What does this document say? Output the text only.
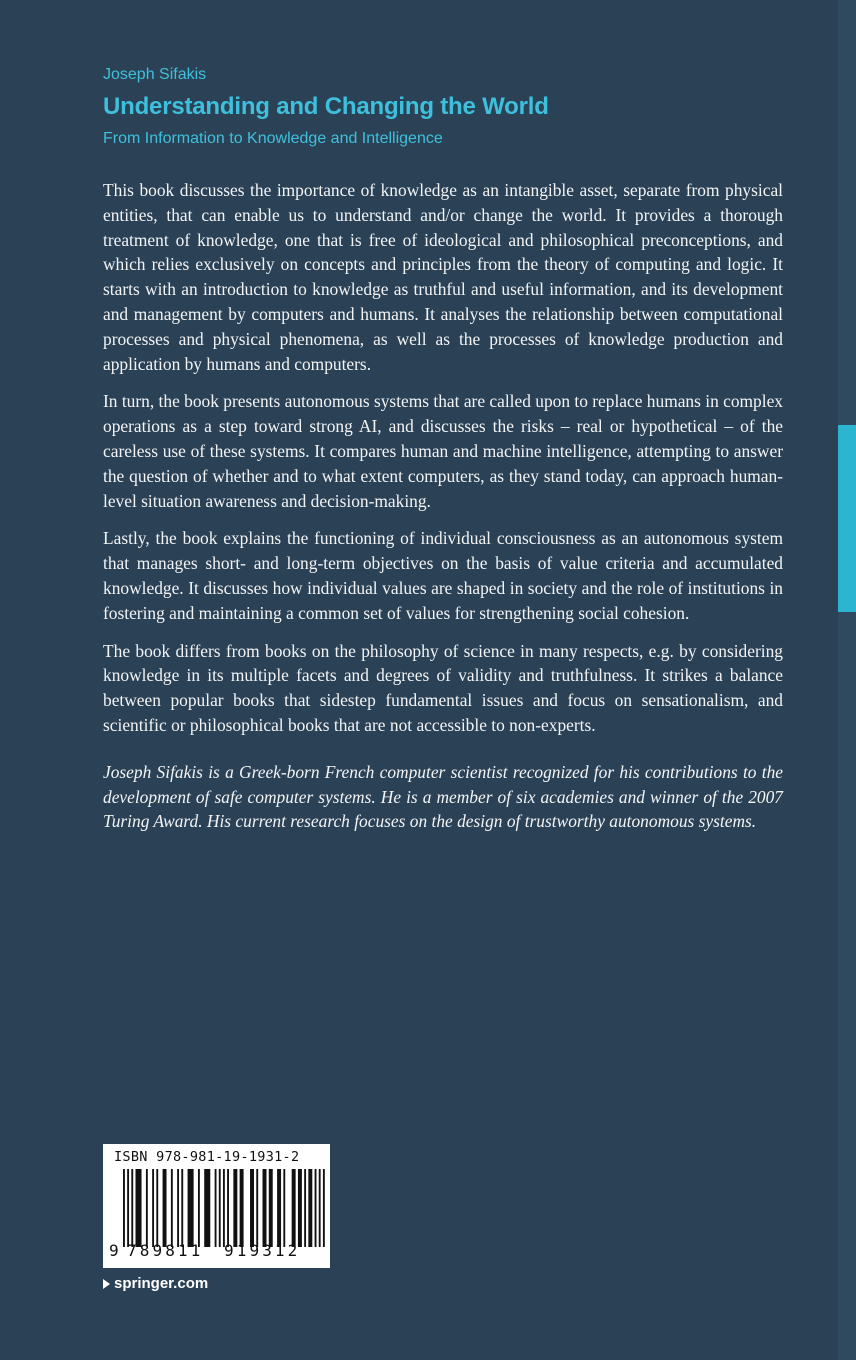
Joseph Sifakis
Understanding and Changing the World
From Information to Knowledge and Intelligence

This book discusses the importance of knowledge as an intangible asset, separate from physical entities, that can enable us to understand and/or change the world. It provides a thorough treatment of knowledge, one that is free of ideological and philosophical preconceptions, and which relies exclusively on concepts and principles from the theory of computing and logic. It starts with an introduction to knowledge as truthful and useful information, and its development and management by computers and humans. It analyses the relationship between computational processes and physical phenomena, as well as the processes of knowledge production and application by humans and computers.

In turn, the book presents autonomous systems that are called upon to replace humans in complex operations as a step toward strong AI, and discusses the risks – real or hypothetical – of the careless use of these systems. It compares human and machine intelligence, attempting to answer the question of whether and to what extent computers, as they stand today, can approach human-level situation awareness and decision-making.

Lastly, the book explains the functioning of individual consciousness as an autonomous system that manages short- and long-term objectives on the basis of value criteria and accumulated knowledge. It discusses how individual values are shaped in society and the role of institutions in fostering and maintaining a common set of values for strengthening social cohesion.

The book differs from books on the philosophy of science in many respects, e.g. by considering knowledge in its multiple facets and degrees of validity and truthfulness. It strikes a balance between popular books that sidestep fundamental issues and focus on sensationalism, and scientific or philosophical books that are not accessible to non-experts.

Joseph Sifakis is a Greek-born French computer scientist recognized for his contributions to the development of safe computer systems. He is a member of six academies and winner of the 2007 Turing Award. His current research focuses on the design of trustworthy autonomous systems.

ISBN 978-981-19-1931-2
9 789811 919312
springer.com
